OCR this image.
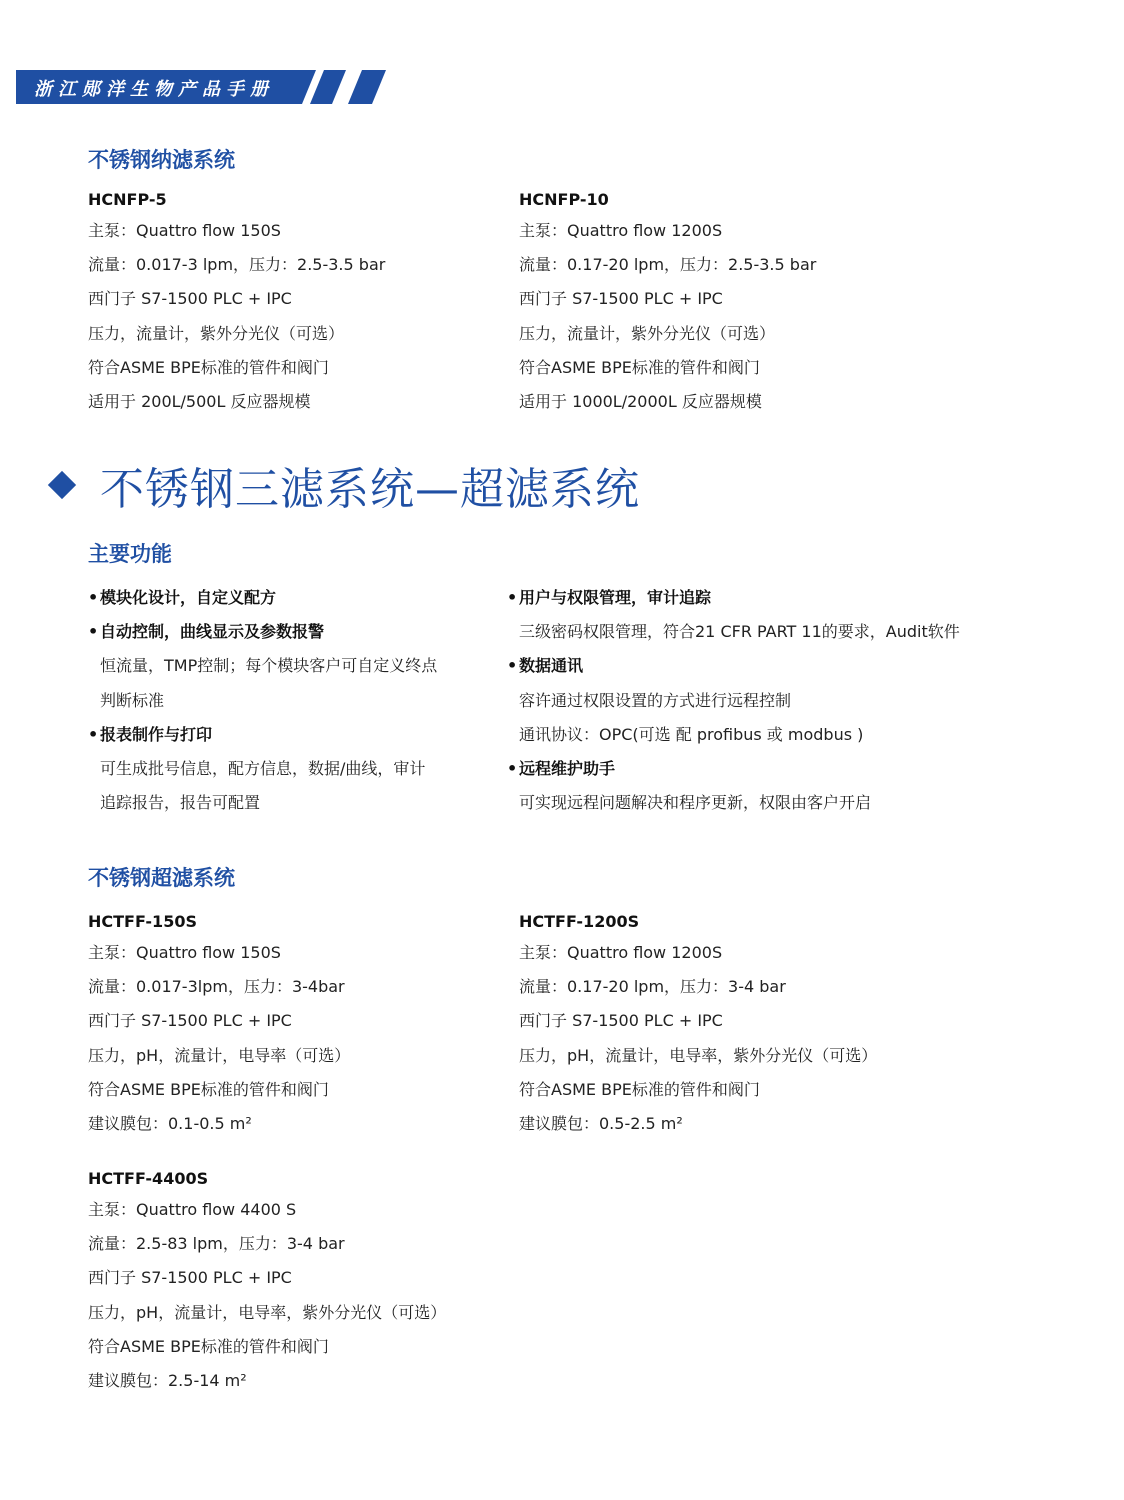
浙江郧洋生物产品手册
不锈钢纳滤系统
HCNFP-5
主泵：Quattro flow 150S
流量：0.017-3 lpm，压力：2.5-3.5 bar
西门子 S7-1500 PLC + IPC
压力，流量计，紫外分光仪（可选）
符合ASME BPE标准的管件和阀门
适用于 200L/500L 反应器规模
HCNFP-10
主泵：Quattro flow 1200S
流量：0.17-20 lpm，压力：2.5-3.5 bar
西门子 S7-1500 PLC + IPC
压力，流量计，紫外分光仪（可选）
符合ASME BPE标准的管件和阀门
适用于 1000L/2000L 反应器规模
不锈钢三滤系统—超滤系统
主要功能
• 模块化设计，自定义配方
• 自动控制，曲线显示及参数报警
恒流量，TMP控制；每个模块客户可自定义终点
判断标准
• 报表制作与打印
可生成批号信息，配方信息，数据/曲线，审计
追踪报告，报告可配置
• 用户与权限管理，审计追踪
三级密码权限管理，符合21 CFR PART 11的要求，Audit软件
• 数据通讯
容许通过权限设置的方式进行远程控制
通讯协议：OPC(可选 配 profibus 或 modbus )
• 远程维护助手
可实现远程问题解决和程序更新，权限由客户开启
不锈钢超滤系统
HCTFF-150S
主泵：Quattro flow 150S
流量：0.017-3lpm，压力：3-4bar
西门子 S7-1500 PLC + IPC
压力，pH，流量计，电导率（可选）
符合ASME BPE标准的管件和阀门
建议膜包：0.1-0.5 m²
HCTFF-1200S
主泵：Quattro flow 1200S
流量：0.17-20 lpm，压力：3-4 bar
西门子 S7-1500 PLC + IPC
压力，pH，流量计，电导率，紫外分光仪（可选）
符合ASME BPE标准的管件和阀门
建议膜包：0.5-2.5 m²
HCTFF-4400S
主泵：Quattro flow 4400 S
流量：2.5-83 lpm，压力：3-4 bar
西门子 S7-1500 PLC + IPC
压力，pH，流量计，电导率，紫外分光仪（可选）
符合ASME BPE标准的管件和阀门
建议膜包：2.5-14 m²
